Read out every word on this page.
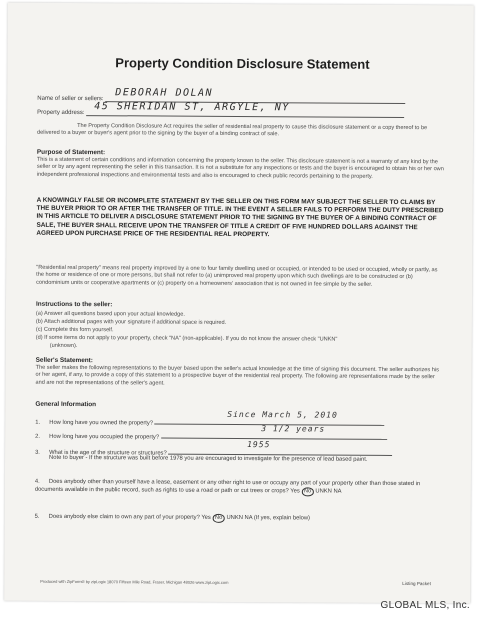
Property Condition Disclosure Statement
Name of seller or sellers:
DEBORAH DOLAN
Property address: 45 SHERIDAN ST, ARGYLE, NY
The Property Condition Disclosure Act requires the seller of residential real property to cause this disclosure statement or a copy thereof to be delivered to a buyer or buyer's agent prior to the signing by the buyer of a binding contract of sale.
Purpose of Statement:
This is a statement of certain conditions and information concerning the property known to the seller. This disclosure statement is not a warranty of any kind by the seller or by any agent representing the seller in this transaction. It is not a substitute for any inspections or tests and the buyer is encouraged to obtain his or her own independent professional inspections and environmental tests and also is encouraged to check public records pertaining to the property.
A KNOWINGLY FALSE OR INCOMPLETE STATEMENT BY THE SELLER ON THIS FORM MAY SUBJECT THE SELLER TO CLAIMS BY THE BUYER PRIOR TO OR AFTER THE TRANSFER OF TITLE. IN THE EVENT A SELLER FAILS TO PERFORM THE DUTY PRESCRIBED IN THIS ARTICLE TO DELIVER A DISCLOSURE STATEMENT PRIOR TO THE SIGNING BY THE BUYER OF A BINDING CONTRACT OF SALE, THE BUYER SHALL RECEIVE UPON THE TRANSFER OF TITLE A CREDIT OF FIVE HUNDRED DOLLARS AGAINST THE AGREED UPON PURCHASE PRICE OF THE RESIDENTIAL REAL PROPERTY.
"Residential real property" means real property improved by a one to four family dwelling used or occupied, or intended to be used or occupied, wholly or partly, as the home or residence of one or more persons, but shall not refer to (a) unimproved real property upon which such dwellings are to be constructed or (b) condominium units or cooperative apartments or (c) property on a homeowners' association that is not owned in fee simple by the seller.
Instructions to the seller:
(a) Answer all questions based upon your actual knowledge.
(b) Attach additional pages with your signature if additional space is required.
(c) Complete this form yourself.
(d) If some items do not apply to your property, check "NA" (non-applicable). If you do not know the answer check "UNKN"
(unknown).
Seller's Statement:
The seller makes the following representations to the buyer based upon the seller's actual knowledge at the time of signing this document. The seller authorizes his or her agent, if any, to provide a copy of this statement to a prospective buyer of the residential real property. The following are representations made by the seller and are not the representations of the seller's agent.
General Information
1. How long have you owned the property?
Since March 5, 2010
2. How long have you occupied the property?
3 1/2 years
3. What is the age of the structure or structures?
1955
Note to buyer - If the structure was built before 1978 you are encouraged to investigate for the presence of lead based paint.
4. Does anybody other than yourself have a lease, easement or any other right to use or occupy any part of your property other than those stated in documents available in the public record, such as rights to use a road or path or cut trees or crops? Yes No UNKN NA
5. Does anybody else claim to own any part of your property? Yes No UNKN NA (If yes, explain below)
Produced with ZipForm® by zipLogix 18070 Fifteen Mile Road, Fraser, Michigan 48026 www.zipLogix.com	Listing Packet
GLOBAL MLS, Inc.
